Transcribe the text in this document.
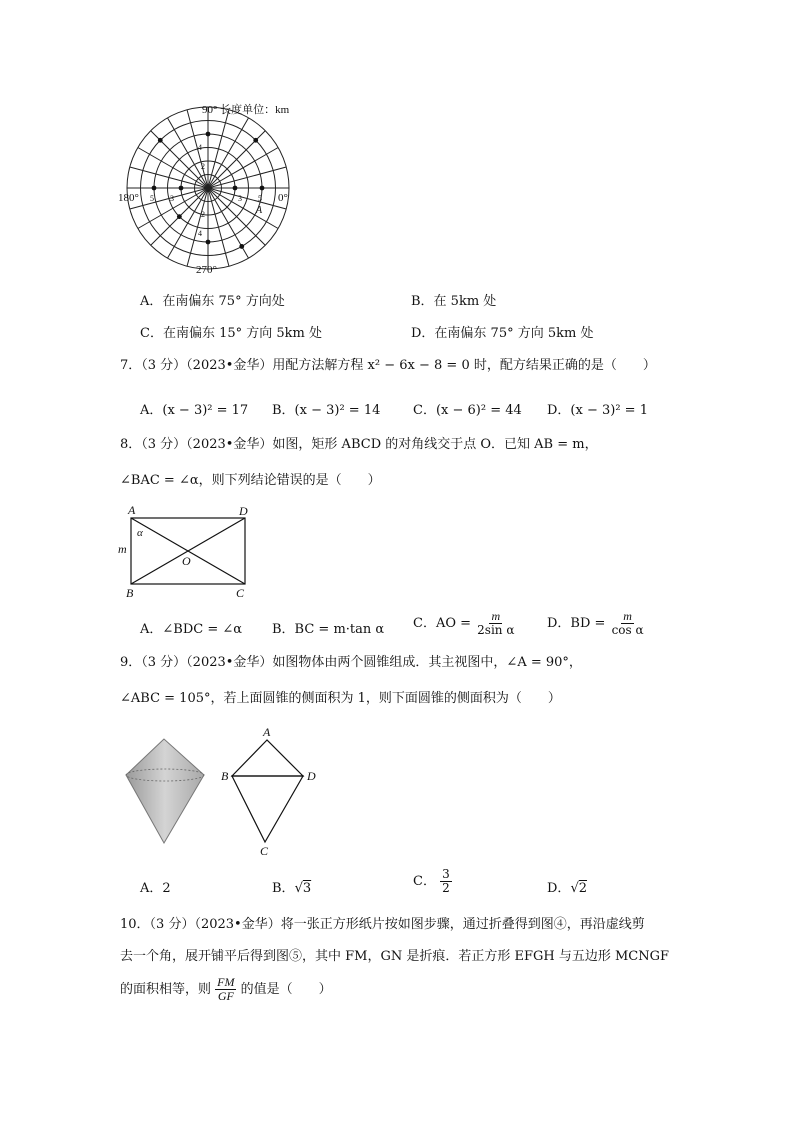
90° 长度单位：km
0°
180°
270°
5
3
5 3
4
2
4
2	A
A．在南偏东 75° 方向处	B．在 5km 处
C．在南偏东 15° 方向 5km 处	D．在南偏东 75° 方向 5km 处
7．（3 分）（2023•金华）用配方法解方程 x² − 6x − 8 = 0 时，配方结果正确的是（　　）
A．(x − 3)² = 17 B．(x − 3)² = 14	C．(x − 6)² = 44 D．(x − 3)² = 1
8．（3 分）（2023•金华）如图，矩形 ABCD 的对角线交于点 O．已知 AB = m，
∠BAC = ∠α，则下列结论错误的是（　　）
A	D
B	C
O
m
α
A．∠BDC = ∠α B．BC = m·tan α C．AO = $\frac{m}{\text{2sin α}}$ D．BD = $\frac{m}{\text{cos α}}$
9．（3 分）（2023•金华）如图物体由两个圆锥组成．其主视图中，∠A = 90°，
∠ABC = 105°，若上面圆锥的侧面积为 1，则下面圆锥的侧面积为（　　）
A
B	D
C
A．2	B．√3	C． $\frac{3}{2}$	D．√2
10．（3 分）（2023•金华）将一张正方形纸片按如图步骤，通过折叠得到图④，再沿虚线剪
去一个角，展开铺平后得到图⑤，其中 FM，GN 是折痕．若正方形 EFGH 与五边形 MCNGF
的面积相等，则 $\frac{FM}{GF}$ 的值是（　　）
